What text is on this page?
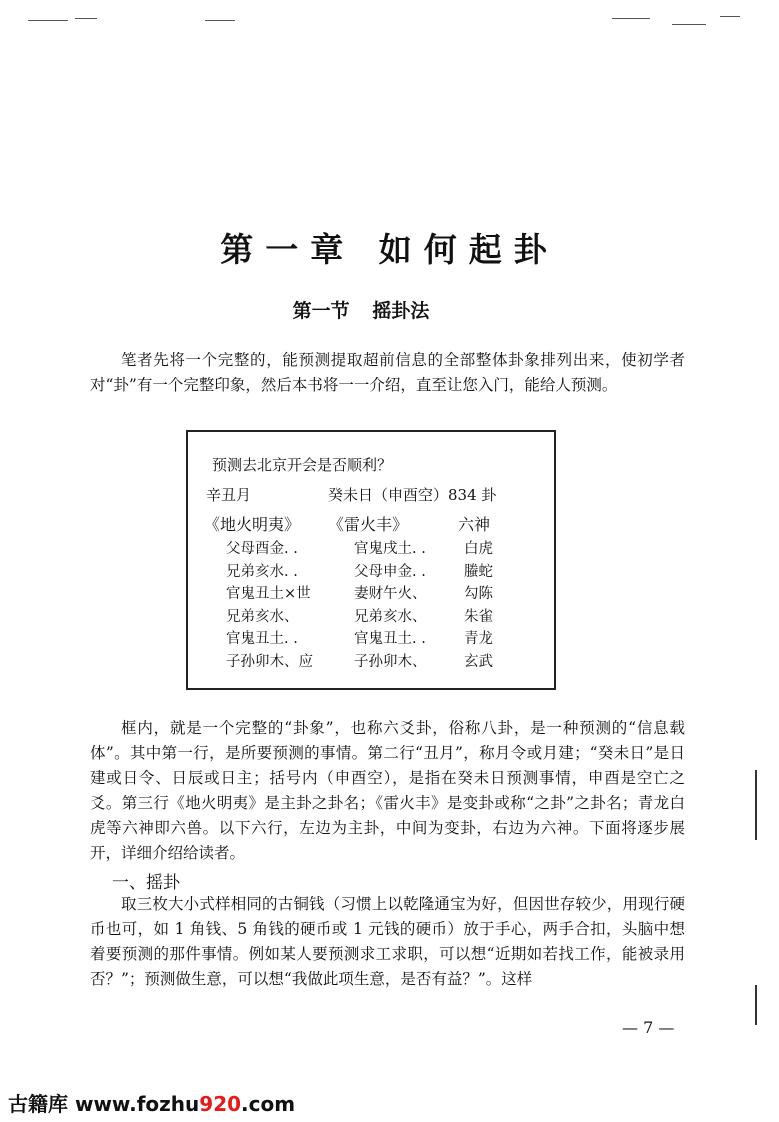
第一章 如何起卦
第一节 摇卦法

笔者先将一个完整的，能预测提取超前信息的全部整体卦象排列出来，使初学者对“卦”有一个完整印象，然后本书将一一介绍，直至让您入门，能给人预测。

预测去北京开会是否顺利？
辛丑月	癸未日（申酉空）834 卦
《地火明夷》 《雷火丰》	六神
父母酉金. .
兄弟亥水. .
官鬼丑土×世
兄弟亥水、
官鬼丑土. .
子孙卯木、应
官鬼戌土. .
父母申金. .
妻财午火、
兄弟亥水、
官鬼丑土. .
子孙卯木、
白虎
螣蛇
勾陈
朱雀
青龙
玄武

框内，就是一个完整的“卦象”，也称六爻卦，俗称八卦，是一种预测的“信息载体”。其中第一行，是所要预测的事情。第二行“丑月”，称月令或月建；“癸未日”是日建或日令、日辰或日主；括号内（申酉空），是指在癸未日预测事情，申酉是空亡之爻。第三行《地火明夷》是主卦之卦名；《雷火丰》是变卦或称“之卦”之卦名；青龙白虎等六神即六兽。以下六行，左边为主卦，中间为变卦，右边为六神。下面将逐步展开，详细介绍给读者。

一、摇卦

取三枚大小式样相同的古铜钱（习惯上以乾隆通宝为好，但因世存较少，用现行硬币也可，如 1 角钱、5 角钱的硬币或 1 元钱的硬币）放于手心，两手合扣，头脑中想着要预测的那件事情。例如某人要预测求工求职，可以想“近期如若找工作，能被录用否？”；预测做生意，可以想“我做此项生意，是否有益？”。这样

— 7 —
古籍库 www.fozhu920.com
